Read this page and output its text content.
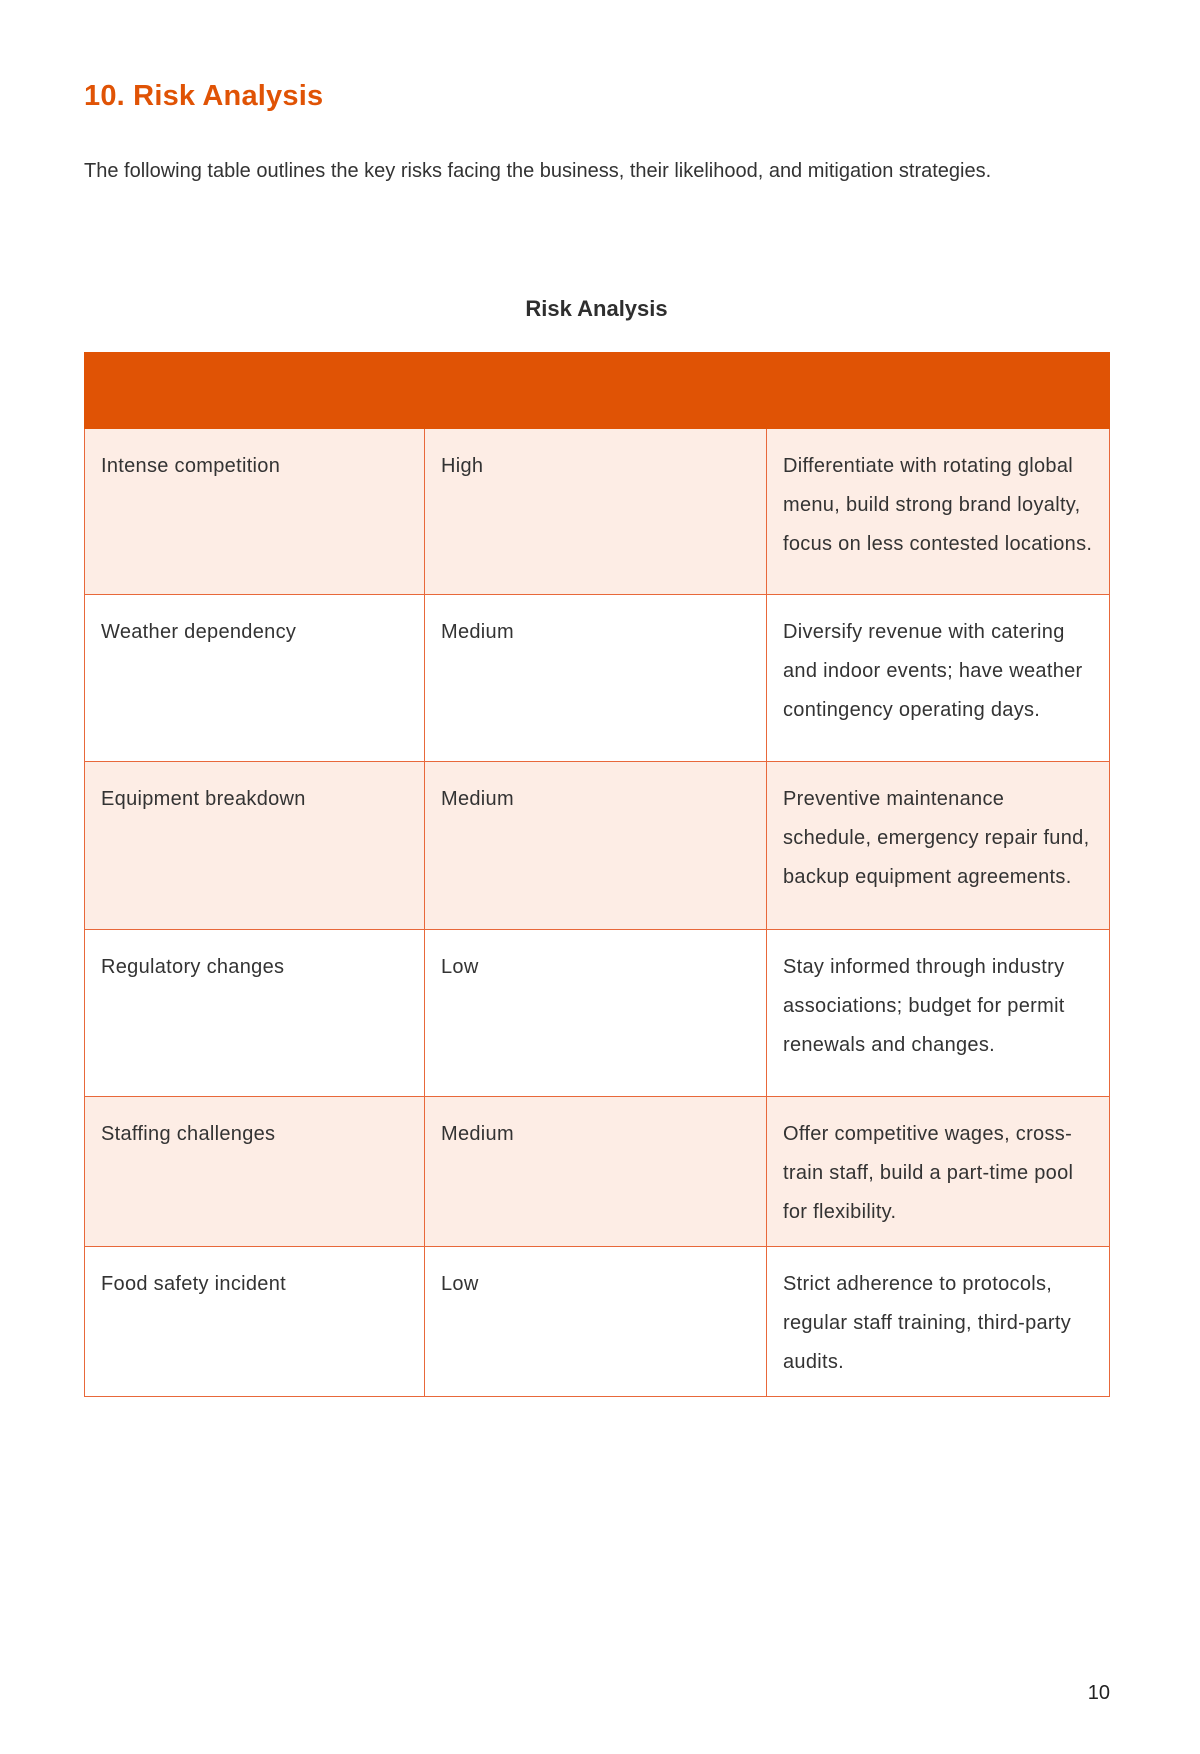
10. Risk Analysis

The following table outlines the key risks facing the business, their likelihood, and mitigation strategies.

Risk Analysis

Intense competition	High	Differentiate with rotating global menu, build strong brand loyalty, focus on less contested locations.
Weather dependency	Medium	Diversify revenue with catering and indoor events; have weather contingency operating days.
Equipment breakdown	Medium	Preventive maintenance schedule, emergency repair fund, backup equipment agreements.
Regulatory changes	Low	Stay informed through industry associations; budget for permit renewals and changes.
Staffing challenges	Medium	Offer competitive wages, cross-train staff, build a part-time pool for flexibility.
Food safety incident	Low	Strict adherence to protocols, regular staff training, third-party audits.
10
